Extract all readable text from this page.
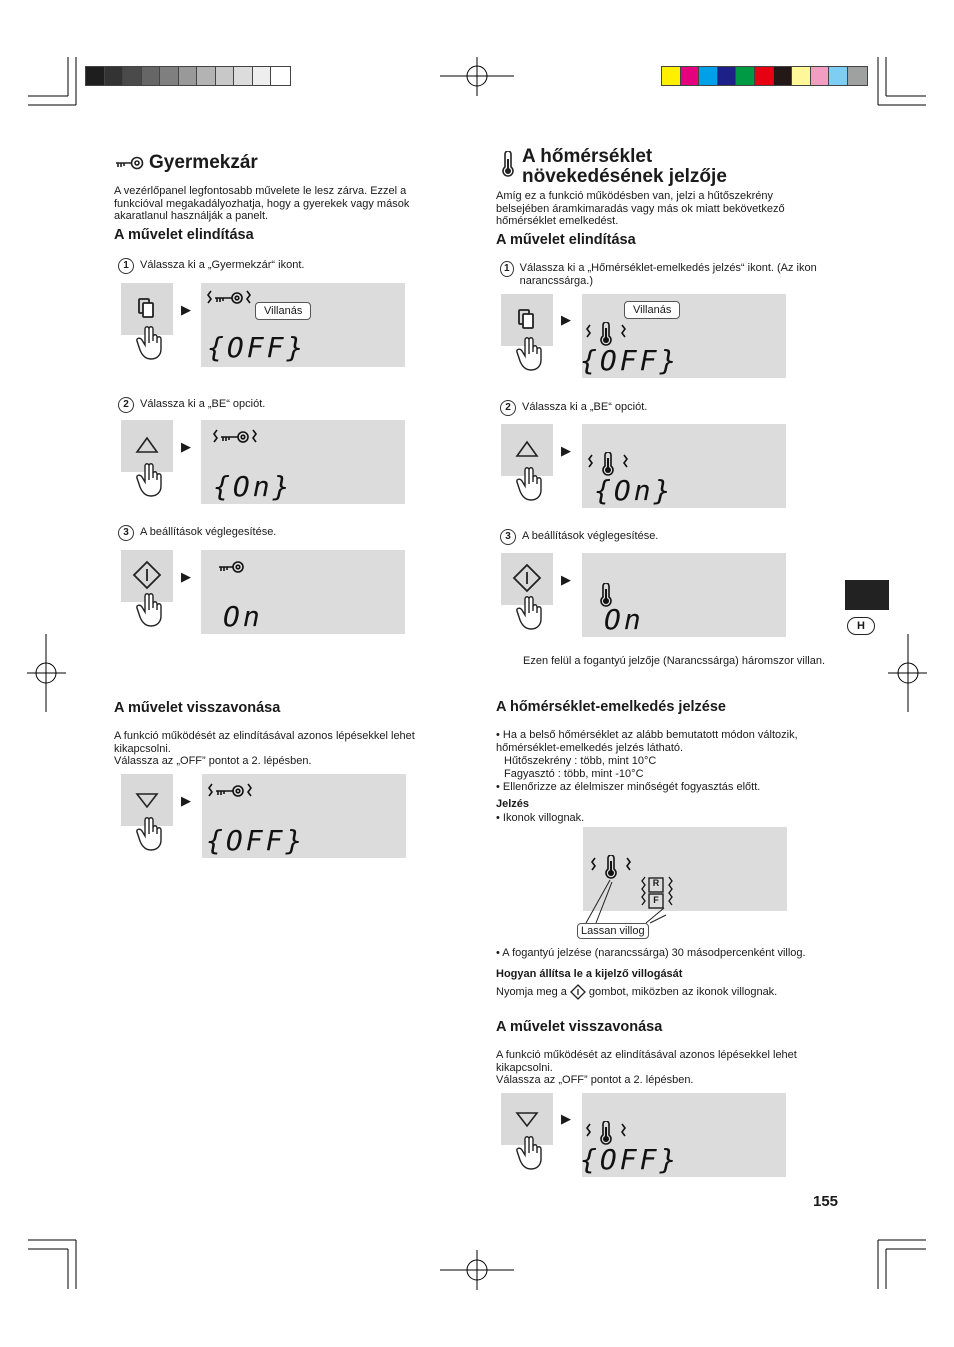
Gyermekzár
A vezérlőpanel legfontosabb művelete le lesz zárva. Ezzel a funkcióval megakadályozhatja, hogy a gyerekek vagy mások akaratlanul használják a panelt.
A művelet elindítása
1	Válassza ki a „Gyermekzár“ ikont.
▶	Villanás
{OFF}
2	Válassza ki a „BE“ opciót.
▶
{On}
3	A beállítások véglegesítése.
▶
On
A művelet visszavonása
A funkció működését az elindításával azonos lépésekkel lehet kikapcsolni.
Válassza az „OFF” pontot a 2. lépésben.
▶
{OFF}
A hőmérséklet
növekedésének jelzője
Amíg ez a funkció működésben van, jelzi a hűtőszekrény belsejében áramkimaradás vagy más ok miatt bekövetkező hőmérséklet emelkedést.
A művelet elindítása
1 Válassza ki a „Hőmérséklet-emelkedés jelzés“ ikont. (Az ikon narancssárga.)
▶
Villanás
{OFF}
2	Válassza ki a „BE“ opciót.
▶
{On}
3	A beállítások véglegesítése.
▶
On
Ezen felül a fogantyú jelzője (Narancssárga) háromszor villan.
A hőmérséklet-emelkedés jelzése
• Ha a belső hőmérséklet az alább bemutatott módon változik, hőmérséklet-emelkedés jelzés látható.
Hűtőszekrény : több, mint 10°C
Fagyasztó : több, mint -10°C
• Ellenőrizze az élelmiszer minőségét fogyasztás előtt.
Jelzés
• Ikonok villognak.
R
F
Lassan villog
• A fogantyú jelzése (narancssárga) 30 másodpercenként villog.
Hogyan állítsa le a kijelző villogását
Nyomja meg a gombot, miközben az ikonok villognak.
A művelet visszavonása
A funkció működését az elindításával azonos lépésekkel lehet kikapcsolni.
Válassza az „OFF” pontot a 2. lépésben.
▶
{OFF}
H
155
